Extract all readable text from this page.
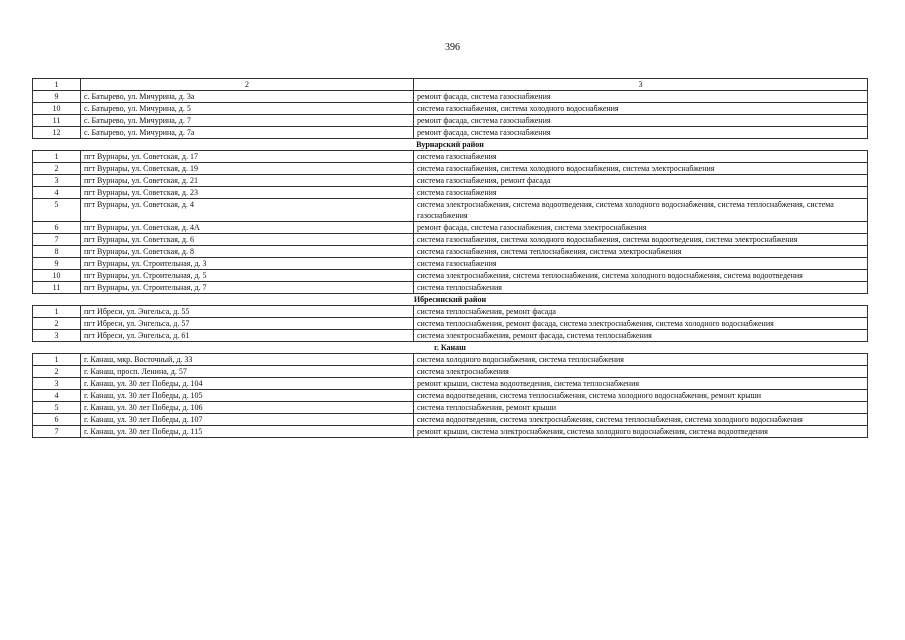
396
1	2	3
9	с. Батырево, ул. Мичурина, д. 3а	ремонт фасада, система газоснабжения
10	с. Батырево, ул. Мичурина, д. 5	система газоснабжения, система холодного водоснабжения
11	с. Батырево, ул. Мичурина, д. 7	ремонт фасада, система газоснабжения
12	с. Батырево, ул. Мичурина, д. 7а	ремонт фасада, система газоснабжения
Вурнарский район		
1	пгт Вурнары, ул. Советская, д. 17	система газоснабжения
2	пгт Вурнары, ул. Советская, д. 19	система газоснабжения, система холодного водоснабжения, система электроснабжения
3	пгт Вурнары, ул. Советская, д. 21	система газоснабжения, ремонт фасада
4	пгт Вурнары, ул. Советская, д. 23	система газоснабжения
5	пгт Вурнары, ул. Советская, д. 4	система электроснабжения, система водоотведения, система холодного водоснабжения, система теплоснабжения, система газоснабжения
6	пгт Вурнары, ул. Советская, д. 4А	ремонт фасада, система газоснабжения, система электроснабжения
7	пгт Вурнары, ул. Советская, д. 6	система газоснабжения, система холодного водоснабжения, система водоотведения, система электроснабжения
8	пгт Вурнары, ул. Советская, д. 8	система газоснабжения, система теплоснабжения, система электроснабжения
9	пгт Вурнары, ул. Строительная, д. 3	система газоснабжения
10	пгт Вурнары, ул. Строительная, д. 5	система электроснабжения, система теплоснабжения, система холодного водоснабжения, система водоотведения
11	пгт Вурнары, ул. Строительная, д. 7	система теплоснабжения
Ибресинский район		
1	пгт Ибреси, ул. Энгельса, д. 55	система теплоснабжения, ремонт фасада
2	пгт Ибреси, ул. Энгельса, д. 57	система теплоснабжения, ремонт фасада, система электроснабжения, система холодного водоснабжения
3	пгт Ибреси, ул. Энгельса, д. 61	система электроснабжения, ремонт фасада, система теплоснабжения
г. Канаш		
1	г. Канаш, мкр. Восточный, д. 33	система холодного водоснабжения, система теплоснабжения
2	г. Канаш, просп. Ленина, д. 57	система электроснабжения
3	г. Канаш, ул. 30 лет Победы, д. 104	ремонт крыши, система водоотведения, система теплоснабжения
4	г. Канаш, ул. 30 лет Победы, д. 105	система водоотведения, система теплоснабжения, система холодного водоснабжения, ремонт крыши
5	г. Канаш, ул. 30 лет Победы, д. 106	система теплоснабжения, ремонт крыши
6	г. Канаш, ул. 30 лет Победы, д. 107	система водоотведения, система электроснабжения, система теплоснабжения, система холодного водоснабжения
7	г. Канаш, ул. 30 лет Победы, д. 115	ремонт крыши, система электроснабжения, система холодного водоснабжения, система водоотведения
